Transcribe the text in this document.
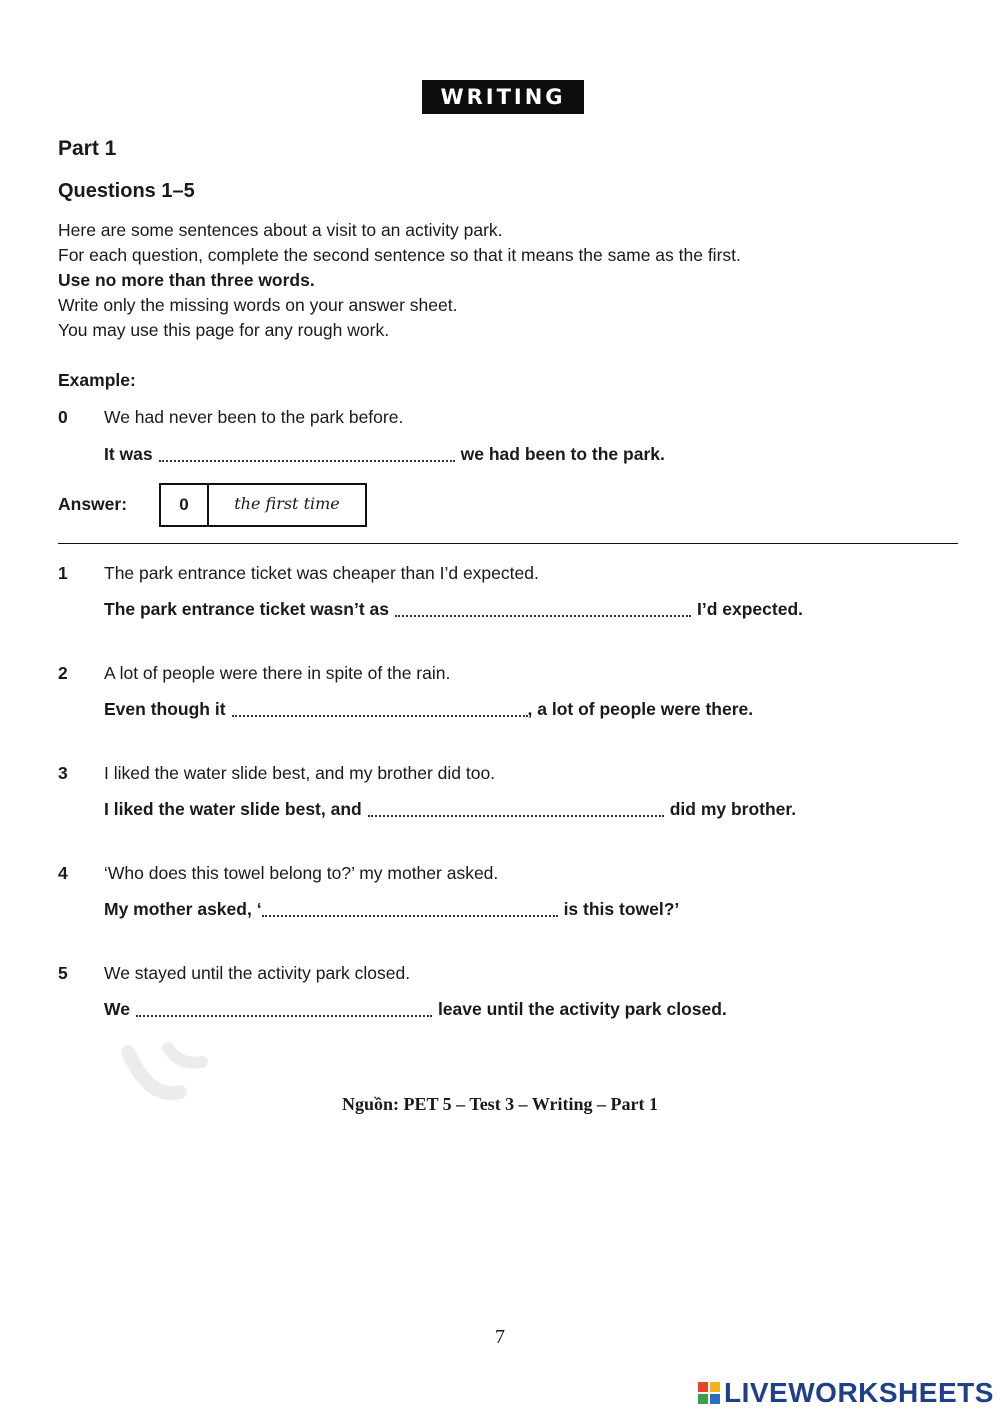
WRITING
Part 1
Questions 1–5
Here are some sentences about a visit to an activity park.
For each question, complete the second sentence so that it means the same as the first.
Use no more than three words.
Write only the missing words on your answer sheet.
You may use this page for any rough work.
Example:
0 We had never been to the park before.
It was	we had been to the park.
Answer:	0	the first time
1 The park entrance ticket was cheaper than I’d expected.
The park entrance ticket wasn’t as	I’d expected.
2 A lot of people were there in spite of the rain.
Even though it	, a lot of people were there.
3 I liked the water slide best, and my brother did too.
I liked the water slide best, and	did my brother.
4 ‘Who does this towel belong to?’ my mother asked.
My mother asked, ‘	is this towel?’
5 We stayed until the activity park closed.
We	leave until the activity park closed.
Nguồn: PET 5 – Test 3 – Writing – Part 1
7
LIVEWORKSHEETS
